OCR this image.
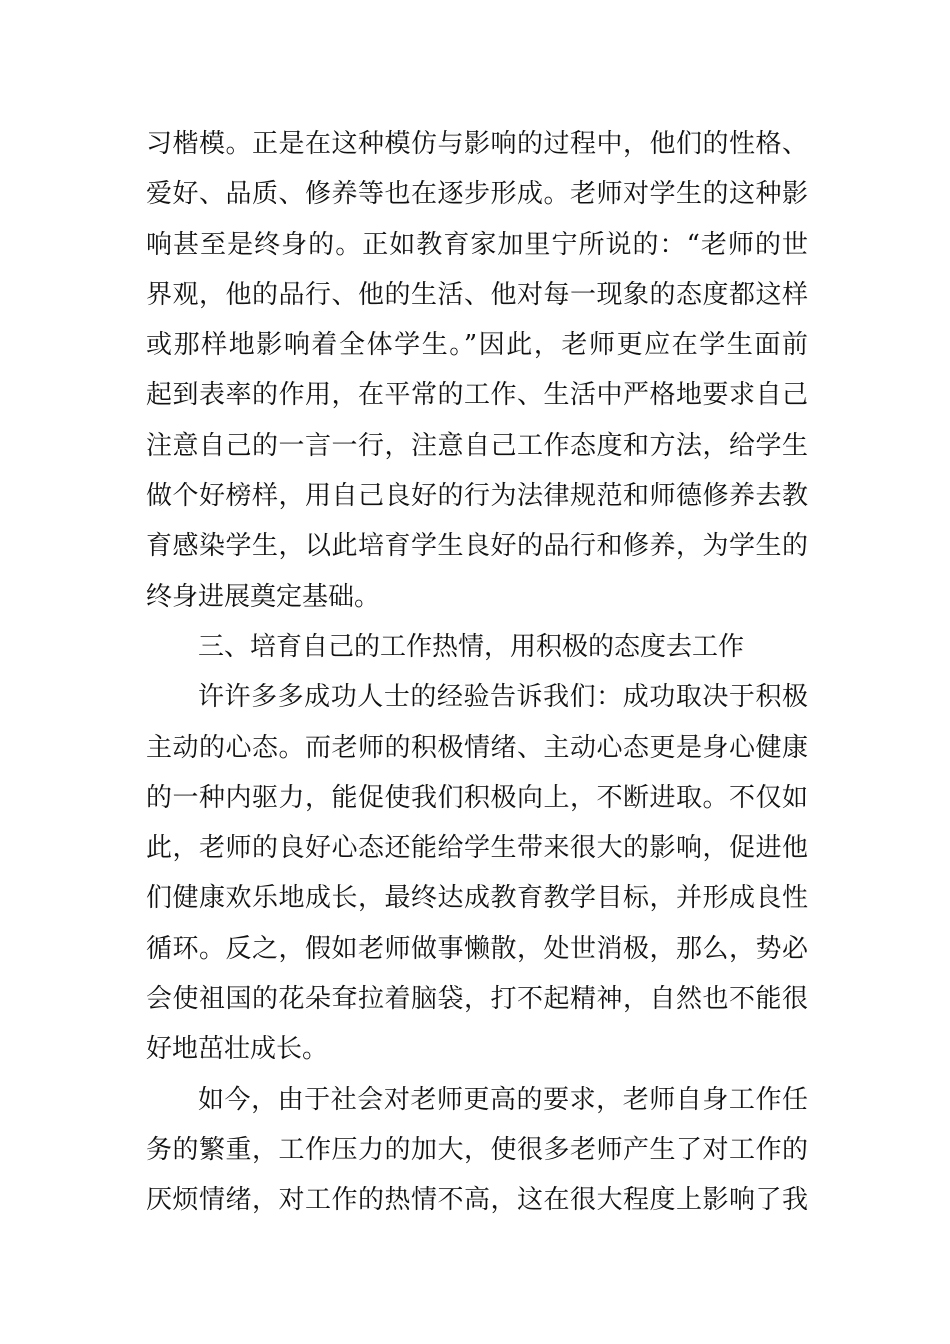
习楷模。正是在这种模仿与影响的过程中，他们的性格、
爱好、品质、修养等也在逐步形成。老师对学生的这种影
响甚至是终身的。正如教育家加里宁所说的：“老师的世
界观，他的品行、他的生活、他对每一现象的态度都这样
或那样地影响着全体学生。”因此，老师更应在学生面前
起到表率的作用，在平常的工作、生活中严格地要求自己
注意自己的一言一行，注意自己工作态度和方法，给学生
做个好榜样，用自己良好的行为法律规范和师德修养去教
育感染学生，以此培育学生良好的品行和修养，为学生的
终身进展奠定基础。
三、培育自己的工作热情，用积极的态度去工作
许许多多成功人士的经验告诉我们：成功取决于积极
主动的心态。而老师的积极情绪、主动心态更是身心健康
的一种内驱力，能促使我们积极向上，不断进取。不仅如
此，老师的良好心态还能给学生带来很大的影响，促进他
们健康欢乐地成长，最终达成教育教学目标，并形成良性
循环。反之，假如老师做事懒散，处世消极，那么，势必
会使祖国的花朵耷拉着脑袋，打不起精神，自然也不能很
好地茁壮成长。
如今，由于社会对老师更高的要求，老师自身工作任
务的繁重，工作压力的加大，使很多老师产生了对工作的
厌烦情绪，对工作的热情不高，这在很大程度上影响了我
